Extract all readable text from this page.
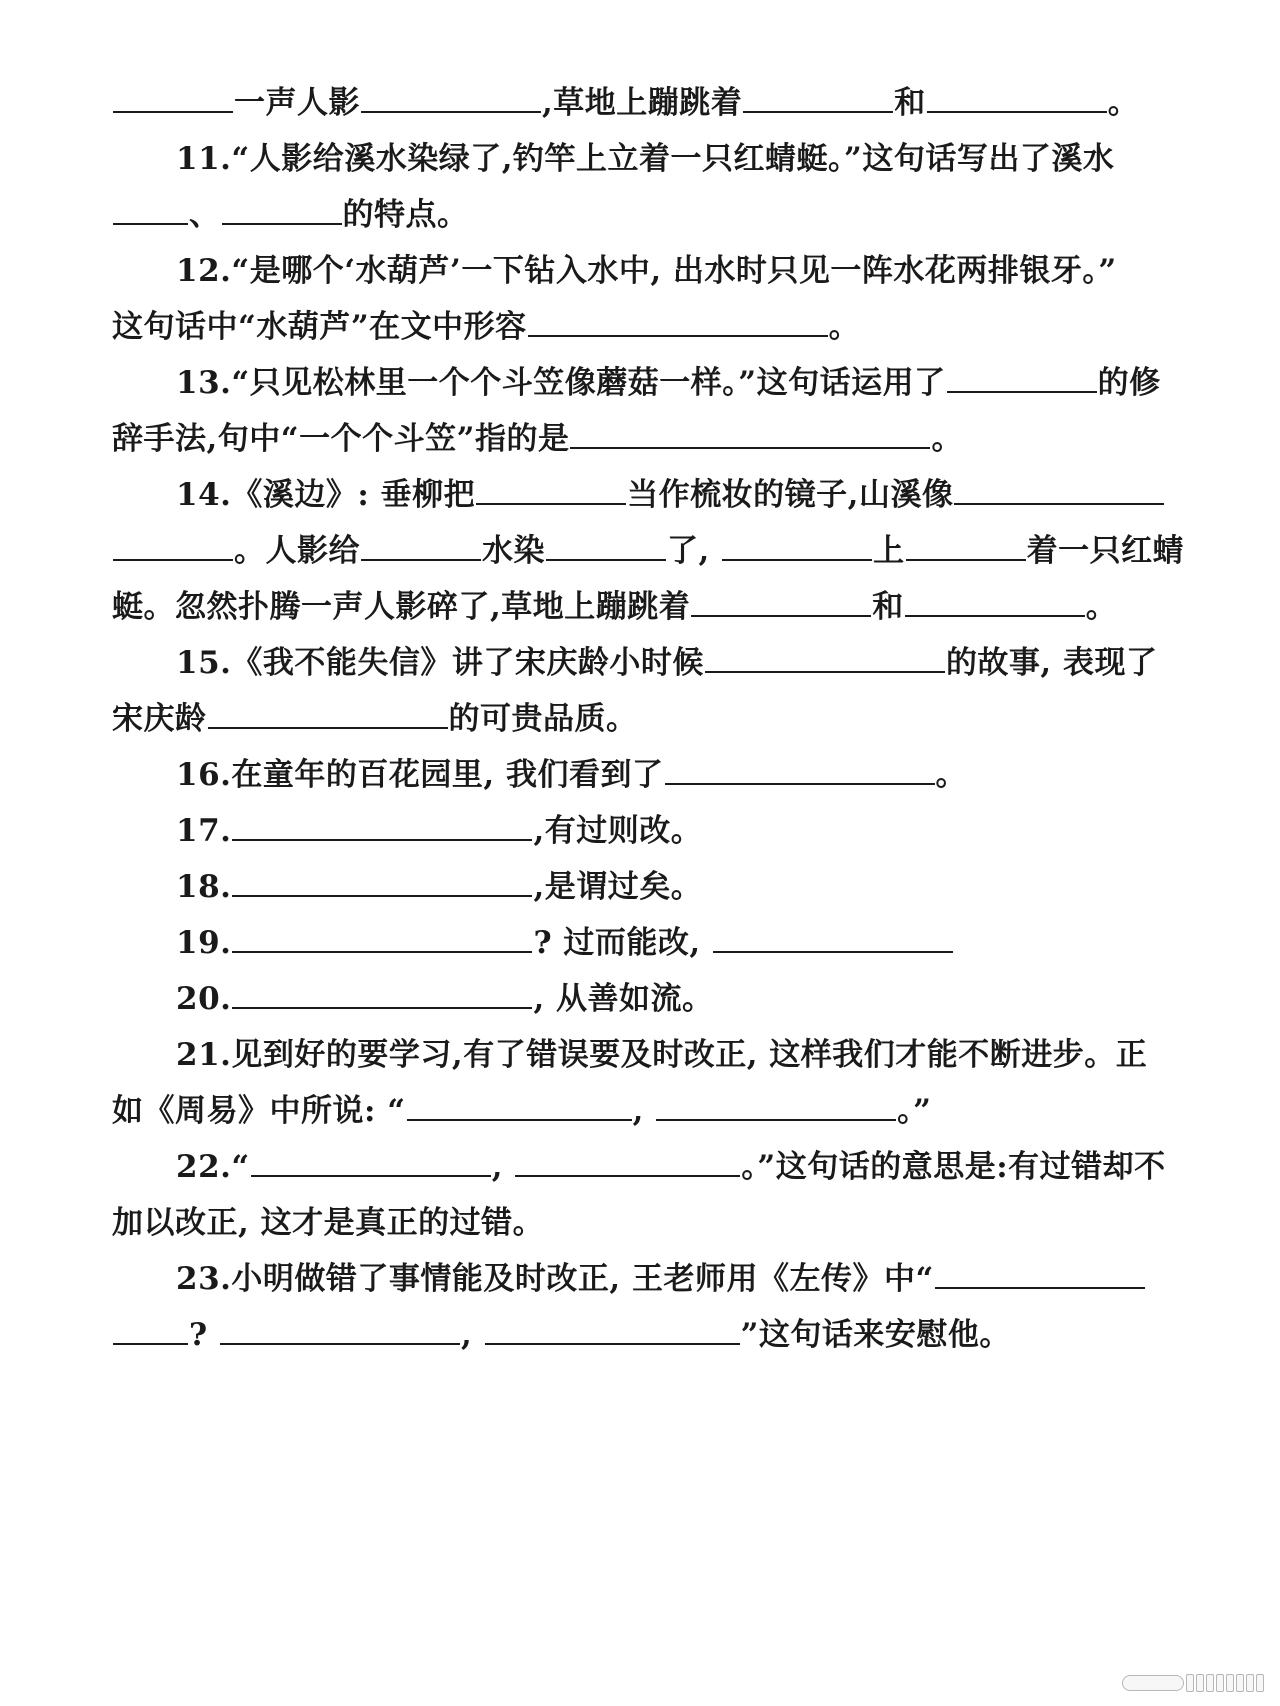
一声人影	,草地上蹦跳着	和	。
11.“人影给溪水染绿了,钓竿上立着一只红蜻蜓。”这句话写出了溪水
、	的特点。
12.“是哪个‘水葫芦’一下钻入水中, 出水时只见一阵水花两排银牙。”
这句话中“水葫芦”在文中形容	。
13.“只见松林里一个个斗笠像蘑菇一样。”这句话运用了	的修
辞手法,句中“一个个斗笠”指的是	。
14.《溪边》: 垂柳把	当作梳妆的镜子,山溪像
。人影给	水染	了,	上	着一只红蜻
蜓。忽然扑腾一声人影碎了,草地上蹦跳着	和	。
15.《我不能失信》讲了宋庆龄小时候	的故事, 表现了
宋庆龄	的可贵品质。
16.在童年的百花园里, 我们看到了	。
17.	,有过则改。
18.	,是谓过矣。
19.	? 过而能改,
20.	, 从善如流。
21.见到好的要学习,有了错误要及时改正, 这样我们才能不断进步。正
如《周易》中所说: “	,	。”
22.“	,	。”这句话的意思是:有过错却不
加以改正, 这才是真正的过错。
23.小明做错了事情能及时改正, 王老师用《左传》中“
?	,	”这句话来安慰他。
